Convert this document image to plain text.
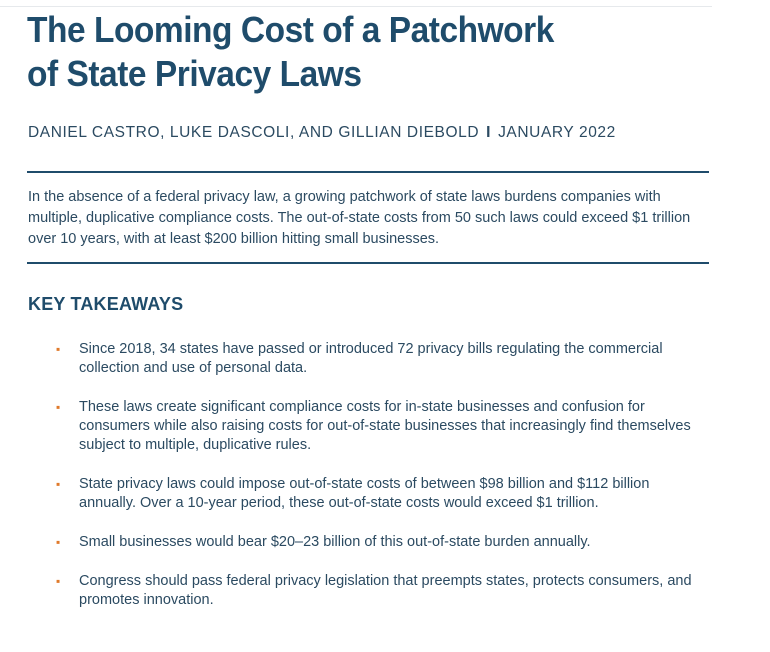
The Looming Cost of a Patchwork
of State Privacy Laws
DANIEL CASTRO, LUKE DASCOLI, AND GILLIAN DIEBOLD I JANUARY 2022

In the absence of a federal privacy law, a growing patchwork of state laws burdens companies with multiple, duplicative compliance costs. The out-of-state costs from 50 such laws could exceed $1 trillion over 10 years, with at least $200 billion hitting small businesses.

KEY TAKEAWAYS
▪ Since 2018, 34 states have passed or introduced 72 privacy bills regulating the commercial collection and use of personal data.
▪ These laws create significant compliance costs for in-state businesses and confusion for consumers while also raising costs for out-of-state businesses that increasingly find themselves subject to multiple, duplicative rules.
▪ State privacy laws could impose out-of-state costs of between $98 billion and $112 billion annually. Over a 10-year period, these out-of-state costs would exceed $1 trillion.
▪ Small businesses would bear $20–23 billion of this out-of-state burden annually.
▪ Congress should pass federal privacy legislation that preempts states, protects consumers, and promotes innovation.
